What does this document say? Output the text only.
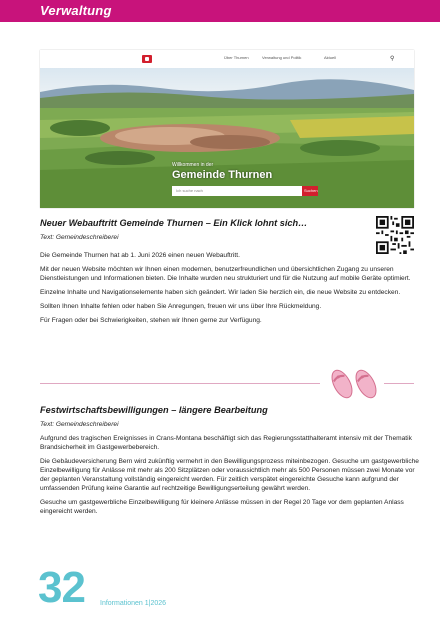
Verwaltung
Über Thurnen	Verwaltung und Politik	Aktuell	⚲
Willkommen in der
Gemeinde Thurnen
Ich suche nach	Suchen
Neuer Webauftritt Gemeinde Thurnen – Ein Klick lohnt sich…
Text: Gemeindeschreiberei

Die Gemeinde Thurnen hat ab 1. Juni 2026 einen neuen Webauftritt.

Mit der neuen Website möchten wir Ihnen einen modernen, benutzerfreundlichen und übersichtlichen Zugang zu unseren Dienstleistungen und Informationen bieten. Die Inhalte wurden neu strukturiert und für die Nutzung auf mobile Geräte optimiert.

Einzelne Inhalte und Navigationselemente haben sich geändert. Wir laden Sie herzlich ein, die neue Website zu entdecken.

Sollten Ihnen Inhalte fehlen oder haben Sie Anregungen, freuen wir uns über Ihre Rückmeldung.

Für Fragen oder bei Schwierigkeiten, stehen wir Ihnen gerne zur Verfügung.

Festwirtschaftsbewilligungen – längere Bearbeitung
Text: Gemeindeschreiberei

Aufgrund des tragischen Ereignisses in Crans-Montana beschäftigt sich das Regierungsstatthalteramt intensiv mit der Thematik Brandsicherheit im Gastgewerbebereich.

Die Gebäudeversicherung Bern wird zukünftig vermehrt in den Bewilligungsprozess miteinbezogen. Gesuche um gastgewerbliche Einzelbewilligung für Anlässe mit mehr als 200 Sitzplätzen oder voraussichtlich mehr als 500 Personen müssen zwei Monate vor der geplanten Veranstaltung vollständig eingereicht werden. Für zeitlich verspätet eingereichte Gesuche kann aufgrund der umfassenden Prüfung keine Garantie auf rechtzeitige Bewilligungserteilung gewährt werden.

Gesuche um gastgewerbliche Einzelbewilligung für kleinere Anlässe müssen in der Regel 20 Tage vor dem geplanten Anlass eingereicht werden.

32 Informationen 1|2026
